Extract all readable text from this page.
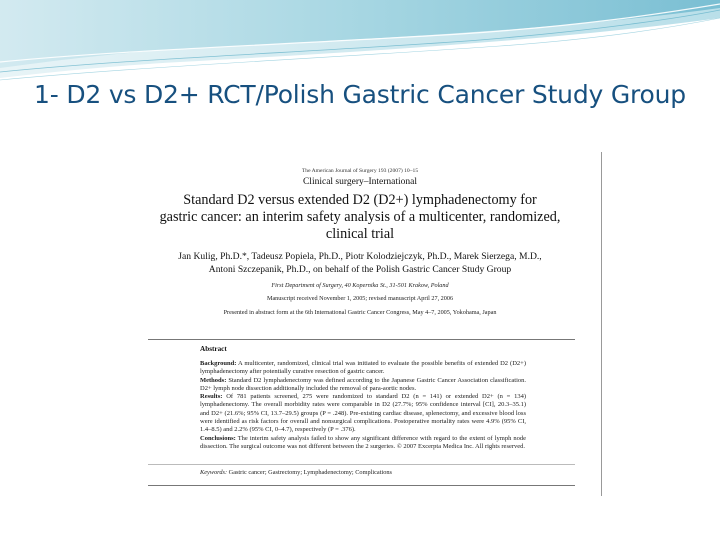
1- D2 vs D2+ RCT/Polish Gastric Cancer Study Group
The American Journal of Surgery 193 (2007) 10–15
Clinical surgery–International
Standard D2 versus extended D2 (D2+) lymphadenectomy for
gastric cancer: an interim safety analysis of a multicenter, randomized,
clinical trial
Jan Kulig, Ph.D.*, Tadeusz Popiela, Ph.D., Piotr Kolodziejczyk, Ph.D., Marek Sierzega, M.D.,
Antoni Szczepanik, Ph.D., on behalf of the Polish Gastric Cancer Study Group
First Department of Surgery, 40 Kopernika St., 31-501 Krakow, Poland
Manuscript received November 1, 2005; revised manuscript April 27, 2006
Presented in abstract form at the 6th International Gastric Cancer Congress, May 4–7, 2005, Yokohama, Japan
Abstract

Background: A multicenter, randomized, clinical trial was initiated to evaluate the possible benefits of extended D2 (D2+) lymphadenectomy after potentially curative resection of gastric cancer.

Methods: Standard D2 lymphadenectomy was defined according to the Japanese Gastric Cancer Association classification. D2+ lymph node dissection additionally included the removal of para-aortic nodes.

Results: Of 781 patients screened, 275 were randomized to standard D2 (n = 141) or extended D2+ (n = 134) lymphadenectomy. The overall morbidity rates were comparable in D2 (27.7%; 95% confidence interval [CI], 20.3–35.1) and D2+ (21.6%; 95% CI, 13.7–29.5) groups (P = .248). Pre-existing cardiac disease, splenectomy, and excessive blood loss were identified as risk factors for overall and nonsurgical complications. Postoperative mortality rates were 4.9% (95% CI, 1.4–8.5) and 2.2% (95% CI, 0–4.7), respectively (P = .376).

Conclusions: The interim safety analysis failed to show any significant difference with regard to the extent of lymph node dissection. The surgical outcome was not different between the 2 surgeries. © 2007 Excerpta Medica Inc. All rights reserved.

Keywords: Gastric cancer; Gastrectomy; Lymphadenectomy; Complications
